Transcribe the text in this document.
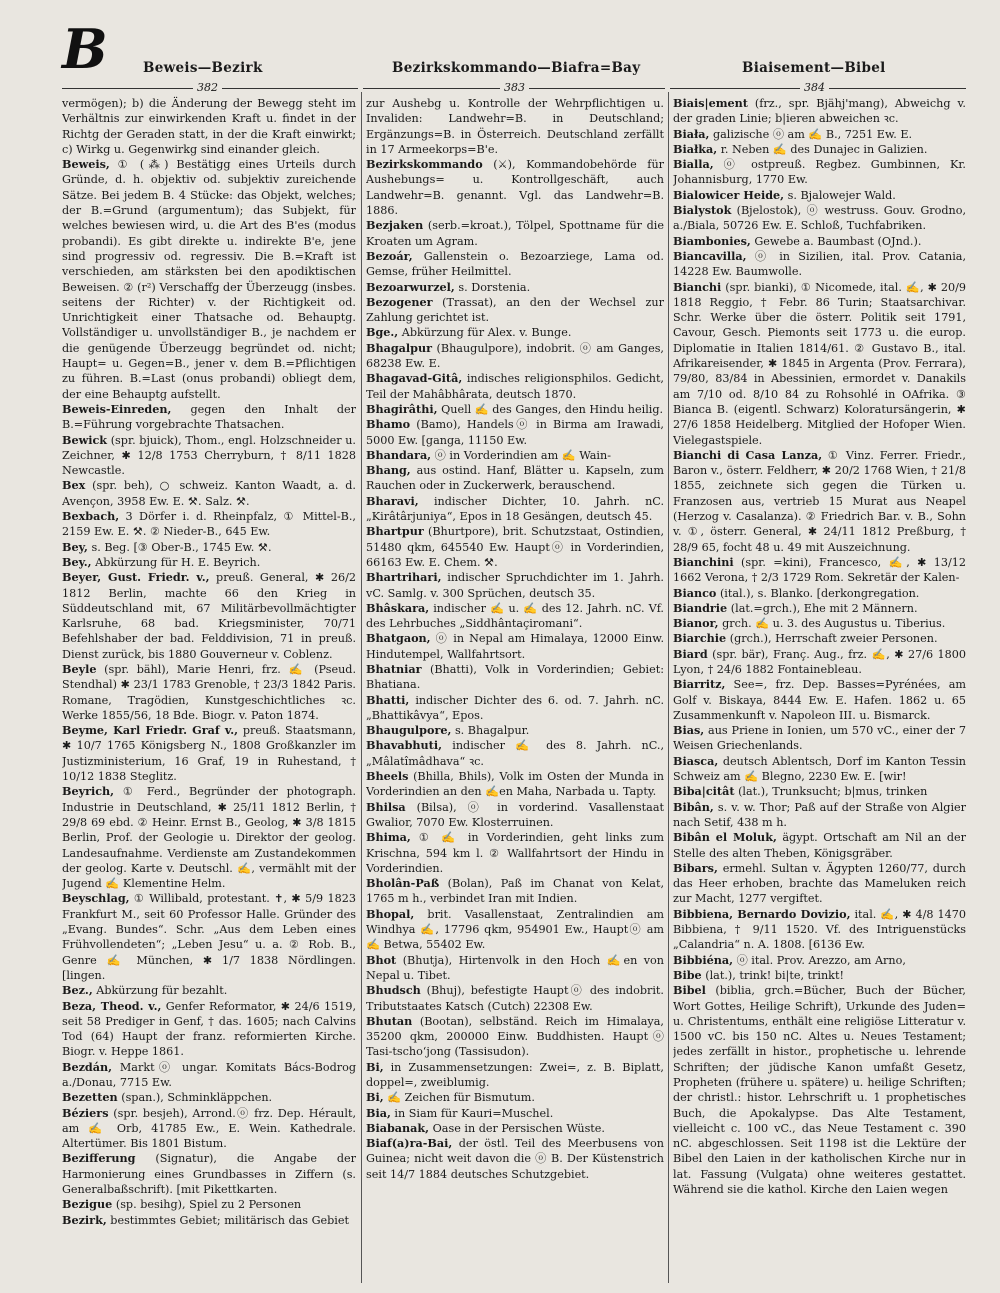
B	Beweis—Bezirk	Bezirkskommando—Biafra=Bay	Biaisement—Bibel
382	383	384

vermögen); b) die Änderung der Bewegg steht im Verhältnis zur einwirkenden Kraft u. findet in der Richtg der Geraden statt, in der die Kraft einwirkt; c) Wirkg u. Gegenwirkg sind einander gleich.

Beweis, ① (⁂) Bestätigg eines Urteils durch Gründe, d. h. objektiv od. subjektiv zureichende Sätze. Bei jedem B. 4 Stücke: das Objekt, welches; der B.=Grund (argumentum); das Subjekt, für welches bewiesen wird, u. die Art des B'es (modus probandi). Es gibt direkte u. indirekte B'e, jene sind progressiv od. regressiv. Die B.=Kraft ist verschieden, am stärksten bei den apodiktischen Beweisen. ② (r²) Verschaffg der Überzeugg (insbes. seitens der Richter) v. der Richtigkeit od. Unrichtigkeit einer Thatsache od. Behauptg. Vollständiger u. unvollständiger B., je nachdem er die genügende Überzeugg begründet od. nicht; Haupt= u. Gegen=B., jener v. dem B.=Pflichtigen zu führen. B.=Last (onus probandi) obliegt dem, der eine Behauptg aufstellt.

Beweis-Einreden, gegen den Inhalt der B.=Führung vorgebrachte Thatsachen.

Bewick (spr. bjuick), Thom., engl. Holzschneider u. Zeichner, ✱ 12/8 1753 Cherryburn, † 8/11 1828 Newcastle.

Bex (spr. beh), ○ schweiz. Kanton Waadt, a. d. Avençon, 3958 Ew. E. ⚒. Salz. ⚒.

Bexbach, 3 Dörfer i. d. Rheinpfalz, ① Mittel-B., 2159 Ew. E. ⚒. ② Nieder-B., 645 Ew.

Bey, s. Beg. [③ Ober-B., 1745 Ew. ⚒.

Bey., Abkürzung für H. E. Beyrich.

Beyer, Gust. Friedr. v., preuß. General, ✱ 26/2 1812 Berlin, machte 66 den Krieg in Süddeutschland mit, 67 Militärbevollmächtigter Karlsruhe, 68 bad. Kriegsminister, 70/71 Befehlshaber der bad. Felddivision, 71 in preuß. Dienst zurück, bis 1880 Gouverneur v. Coblenz.

Beyle (spr. bähl), Marie Henri, frz. ✍ (Pseud. Stendhal) ✱ 23/1 1783 Grenoble, † 23/3 1842 Paris. Romane, Tragödien, Kunstgeschichtliches ꝛc. Werke 1855/56, 18 Bde. Biogr. v. Paton 1874.

Beyme, Karl Friedr. Graf v., preuß. Staatsmann, ✱ 10/7 1765 Königsberg N., 1808 Großkanzler im Justizministerium, 16 Graf, 19 in Ruhestand, † 10/12 1838 Steglitz.

Beyrich, ① Ferd., Begründer der photograph. Industrie in Deutschland, ✱ 25/11 1812 Berlin, † 29/8 69 ebd. ② Heinr. Ernst B., Geolog, ✱ 3/8 1815 Berlin, Prof. der Geologie u. Direktor der geolog. Landesaufnahme. Verdienste am Zustandekommen der geolog. Karte v. Deutschl. ✍, vermählt mit der Jugend ✍ Klementine Helm.

Beyschlag, ① Willibald, protestant. ✝, ✱ 5/9 1823 Frankfurt M., seit 60 Professor Halle. Gründer des „Evang. Bundes“. Schr. „Aus dem Leben eines Frühvollendeten“; „Leben Jesu“ u. a. ② Rob. B., Genre ✍ München, ✱ 1/7 1838 Nördlingen. [lingen.

Bez., Abkürzung für bezahlt.

Beza, Theod. v., Genfer Reformator, ✱ 24/6 1519, seit 58 Prediger in Genf, † das. 1605; nach Calvins Tod (64) Haupt der franz. reformierten Kirche. Biogr. v. Heppe 1861.

Bezdán, Marktⓞ ungar. Komitats Bács-Bodrog a./Donau, 7715 Ew.

Bezetten (span.), Schminkläppchen.

Béziers (spr. besjeh), Arrond.ⓞ frz. Dep. Hérault, am ✍ Orb, 41785 Ew., E. Wein. Kathedrale. Altertümer. Bis 1801 Bistum.

Bezifferung (Signatur), die Angabe der Harmonierung eines Grundbasses in Ziffern (s. Generalbaßschrift). [mit Pikettkarten.

Bezigue (sp. besihg), Spiel zu 2 Personen

Bezirk, bestimmtes Gebiet; militärisch das Gebiet

zur Aushebg u. Kontrolle der Wehrpflichtigen u. Invaliden: Landwehr=B. in Deutschland; Ergänzungs=B. in Österreich. Deutschland zerfällt in 17 Armeekorps=B'e.

Bezirkskommando (⚔), Kommandobehörde für Aushebungs= u. Kontrollgeschäft, auch Landwehr=B. genannt. Vgl. das Landwehr=B. 1886.

Bezjaken (serb.=kroat.), Tölpel, Spottname für die Kroaten um Agram.

Bezoár, Gallenstein o. Bezoarziege, Lama od. Gemse, früher Heilmittel.

Bezoarwurzel, s. Dorstenia.

Bezogener (Trassat), an den der Wechsel zur Zahlung gerichtet ist.

Bge., Abkürzung für Alex. v. Bunge.

Bhagalpur (Bhaugulpore), indobrit. ⓞ am Ganges, 68238 Ew. E.

Bhagavad-Gitâ, indisches religionsphilos. Gedicht, Teil der Mahâbhârata, deutsch 1870.

Bhagirâthi, Quell ✍ des Ganges, den Hindu heilig.

Bhamo (Bamo), Handelsⓞ in Birma am Irawadi, 5000 Ew. [ganga, 11150 Ew.

Bhandara, ⓞ in Vorderindien am ✍ Wain-

Bhang, aus ostind. Hanf, Blätter u. Kapseln, zum Rauchen oder in Zuckerwerk, berauschend.

Bharavi, indischer Dichter, 10. Jahrh. nC. „Kirâtârjuniya“, Epos in 18 Gesängen, deutsch 45.

Bhartpur (Bhurtpore), brit. Schutzstaat, Ostindien, 51480 qkm, 645540 Ew. Hauptⓞ in Vorderindien, 66163 Ew. E. Chem. ⚒.

Bhartrihari, indischer Spruchdichter im 1. Jahrh. vC. Samlg. v. 300 Sprüchen, deutsch 35.

Bhâskara, indischer ✍ u. ✍ des 12. Jahrh. nC. Vf. des Lehrbuches „Siddhântaçiromani“.

Bhatgaon, ⓞ in Nepal am Himalaya, 12000 Einw. Hindutempel, Wallfahrtsort.

Bhatniar (Bhatti), Volk in Vorderindien; Gebiet: Bhatiana.

Bhatti, indischer Dichter des 6. od. 7. Jahrh. nC. „Bhattikâvya“, Epos.

Bhaugulpore, s. Bhagalpur.

Bhavabhuti, indischer ✍ des 8. Jahrh. nC., „Mâlatîmâdhava“ ꝛc.

Bheels (Bhilla, Bhils), Volk im Osten der Munda in Vorderindien an den ✍en Maha, Narbada u. Tapty.

Bhilsa (Bilsa), ⓞ in vorderind. Vasallenstaat Gwalior, 7070 Ew. Klosterruinen.

Bhima, ① ✍ in Vorderindien, geht links zum Krischna, 594 km l. ② Wallfahrtsort der Hindu in Vorderindien.

Bholân-Paß (Bolan), Paß im Chanat von Kelat, 1765 m h., verbindet Iran mit Indien.

Bhopal, brit. Vasallenstaat, Zentralindien am Windhya ✍, 17796 qkm, 954901 Ew., Hauptⓞ am ✍ Betwa, 55402 Ew.

Bhot (Bhutja), Hirtenvolk in den Hoch ✍en von Nepal u. Tibet.

Bhudsch (Bhuj), befestigte Hauptⓞ des indobrit. Tributstaates Katsch (Cutch) 22308 Ew.

Bhutan (Bootan), selbständ. Reich im Himalaya, 35200 qkm, 200000 Einw. Buddhisten. Hauptⓞ Tasi-tschoʻjong (Tassisudon).

Bi, in Zusammensetzungen: Zwei=, z. B. Biplatt, doppel=, zweiblumig.

Bi, ✍ Zeichen für Bismutum.

Bia, in Siam für Kauri=Muschel.

Biabanak, Oase in der Persischen Wüste.

Biaf(a)ra-Bai, der östl. Teil des Meerbusens von Guinea; nicht weit davon die ⓞ B. Der Küstenstrich seit 14/7 1884 deutsches Schutzgebiet.

Biais|ement (frz., spr. Bjähj'mang), Abweichg v. der graden Linie; b|ieren abweichen ꝛc.

Biała, galizische ⓞ am ✍ B., 7251 Ew. E.

Białka, r. Neben ✍ des Dunajec in Galizien.

Bialla, ⓞ ostpreuß. Regbez. Gumbinnen, Kr. Johannisburg, 1770 Ew.

Bialowicer Heide, s. Bjalowejer Wald.

Bialystok (Bjelostok), ⓞ westruss. Gouv. Grodno, a./Biala, 50726 Ew. E. Schloß, Tuchfabriken.

Biambonies, Gewebe a. Baumbast (OJnd.).

Biancavilla, ⓞ in Sizilien, ital. Prov. Catania, 14228 Ew. Baumwolle.

Bianchi (spr. bianki), ① Nicomede, ital. ✍, ✱ 20/9 1818 Reggio, † Febr. 86 Turin; Staatsarchivar. Schr. Werke über die österr. Politik seit 1791, Cavour, Gesch. Piemonts seit 1773 u. die europ. Diplomatie in Italien 1814/61. ② Gustavo B., ital. Afrikareisender, ✱ 1845 in Argenta (Prov. Ferrara), 79/80, 83/84 in Abessinien, ermordet v. Danakils am 7/10 od. 8/10 84 zu Rohsohlé in OAfrika. ③ Bianca B. (eigentl. Schwarz) Koloratursängerin, ✱ 27/6 1858 Heidelberg. Mitglied der Hofoper Wien. Vielegastspiele.

Bianchi di Casa Lanza, ① Vinz. Ferrer. Friedr., Baron v., österr. Feldherr, ✱ 20/2 1768 Wien, † 21/8 1855, zeichnete sich gegen die Türken u. Franzosen aus, vertrieb 15 Murat aus Neapel (Herzog v. Casalanza). ② Friedrich Bar. v. B., Sohn v. ①, österr. General, ✱ 24/11 1812 Preßburg, † 28/9 65, focht 48 u. 49 mit Auszeichnung.

Bianchini (spr. =kini), Francesco, ✍, ✱ 13/12 1662 Verona, † 2/3 1729 Rom. Sekretär der Kalen-

Bianco (ital.), s. Blanko. [derkongregation.

Biandrie (lat.=grch.), Ehe mit 2 Männern.

Bianor, grch. ✍ u. 3. des Augustus u. Tiberius.

Biarchie (grch.), Herrschaft zweier Personen.

Biard (spr. bär), Franç. Aug., frz. ✍, ✱ 27/6 1800 Lyon, † 24/6 1882 Fontainebleau.

Biarritz, See=, frz. Dep. Basses=Pyrénées, am Golf v. Biskaya, 8444 Ew. E. Hafen. 1862 u. 65 Zusammenkunft v. Napoleon III. u. Bismarck.

Bias, aus Priene in Ionien, um 570 vC., einer der 7 Weisen Griechenlands.

Biasca, deutsch Ablentsch, Dorf im Kanton Tessin Schweiz am ✍ Blegno, 2230 Ew. E. [wir!

Biba|citât (lat.), Trunksucht; b|mus, trinken

Bibân, s. v. w. Thor; Paß auf der Straße von Algier nach Setif, 438 m h.

Bibân el Moluk, ägypt. Ortschaft am Nil an der Stelle des alten Theben, Königsgräber.

Bibars, ermehl. Sultan v. Ägypten 1260/77, durch das Heer erhoben, brachte das Mameluken reich zur Macht, 1277 vergiftet.

Bibbiena, Bernardo Dovizio, ital. ✍, ✱ 4/8 1470 Bibbiena, † 9/11 1520. Vf. des Intriguenstücks „Calandria“ n. A. 1808. [6136 Ew.

Bibbiéna, ⓞ ital. Prov. Arezzo, am Arno,

Bibe (lat.), trink! bi|te, trinkt!

Bibel (biblia, grch.=Bücher, Buch der Bücher, Wort Gottes, Heilige Schrift), Urkunde des Juden= u. Christentums, enthält eine religiöse Litteratur v. 1500 vC. bis 150 nC. Altes u. Neues Testament; jedes zerfällt in histor., prophetische u. lehrende Schriften; der jüdische Kanon umfaßt Gesetz, Propheten (frühere u. spätere) u. heilige Schriften; der christl.: histor. Lehrschrift u. 1 prophetisches Buch, die Apokalypse. Das Alte Testament, vielleicht c. 100 vC., das Neue Testament c. 390 nC. abgeschlossen. Seit 1198 ist die Lektüre der Bibel den Laien in der katholischen Kirche nur in lat. Fassung (Vulgata) ohne weiteres gestattet. Während sie die kathol. Kirche den Laien wegen
